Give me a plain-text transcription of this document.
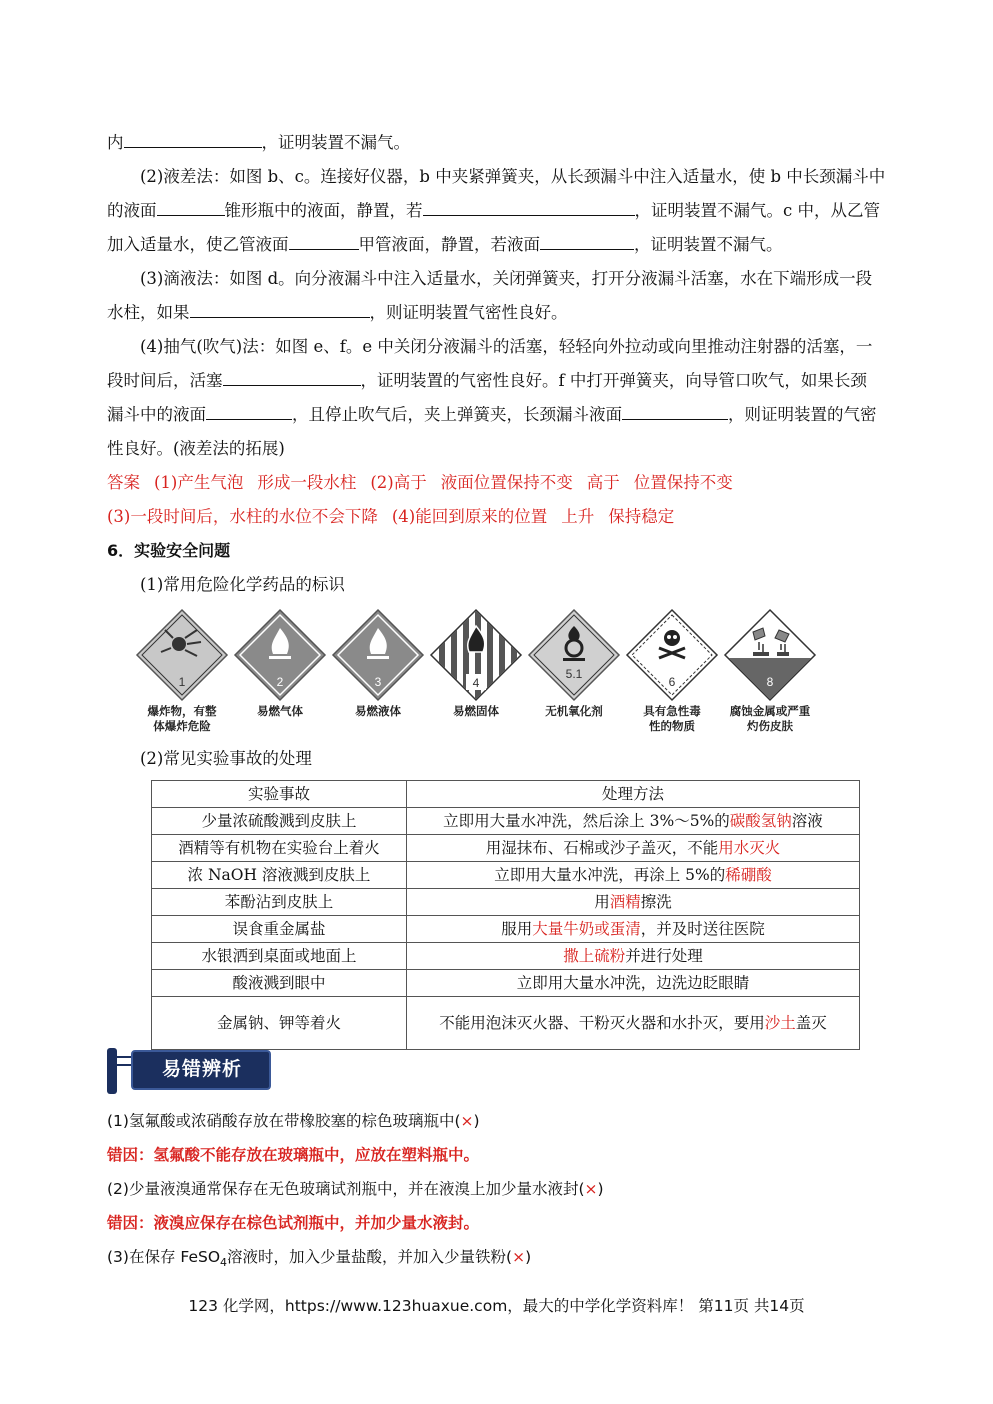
内	，证明装置不漏气。
(2)液差法：如图 b、c。连接好仪器，b 中夹紧弹簧夹，从长颈漏斗中注入适量水，使 b 中长颈漏斗中
的液面	锥形瓶中的液面，静置，若	，证明装置不漏气。c 中，从乙管
加入适量水，使乙管液面	甲管液面，静置，若液面	，证明装置不漏气。
(3)滴液法：如图 d。向分液漏斗中注入适量水，关闭弹簧夹，打开分液漏斗活塞，水在下端形成一段
水柱，如果	，则证明装置气密性良好。
(4)抽气(吹气)法：如图 e、f。e 中关闭分液漏斗的活塞，轻轻向外拉动或向里推动注射器的活塞，一
段时间后，活塞	，证明装置的气密性良好。f 中打开弹簧夹，向导管口吹气，如果长颈
漏斗中的液面	，且停止吹气后，夹上弹簧夹，长颈漏斗液面	，则证明装置的气密
性良好。(液差法的拓展)
答案 (1)产生气泡 形成一段水柱 (2)高于 液面位置保持不变 高于 位置保持不变
(3)一段时间后，水柱的水位不会下降 (4)能回到原来的位置 上升 保持稳定
6．实验安全问题
(1)常用危险化学药品的标识
1
爆炸物，有整
体爆炸危险
2
易燃气体
3
易燃液体
4
易燃固体
5.1
无机氧化剂
6
具有急性毒
性的物质
8
腐蚀金属或严重
灼伤皮肤
(2)常见实验事故的处理
实验事故	处理方法
少量浓硫酸溅到皮肤上	立即用大量水冲洗，然后涂上 3%～5%的碳酸氢钠溶液
酒精等有机物在实验台上着火	用湿抹布、石棉或沙子盖灭，不能用水灭火
浓 NaOH 溶液溅到皮肤上	立即用大量水冲洗，再涂上 5%的稀硼酸
苯酚沾到皮肤上	用酒精擦洗
误食重金属盐	服用大量牛奶或蛋清，并及时送往医院
水银洒到桌面或地面上	撒上硫粉并进行处理
酸液溅到眼中	立即用大量水冲洗，边洗边眨眼睛
金属钠、钾等着火	不能用泡沫灭火器、干粉灭火器和水扑灭，要用沙土盖灭
易错辨析
(1)氢氟酸或浓硝酸存放在带橡胶塞的棕色玻璃瓶中(×)
错因：氢氟酸不能存放在玻璃瓶中，应放在塑料瓶中。
(2)少量液溴通常保存在无色玻璃试剂瓶中，并在液溴上加少量水液封(×)
错因：液溴应保存在棕色试剂瓶中，并加少量水液封。
(3)在保存 FeSO$_4$溶液时，加入少量盐酸，并加入少量铁粉(×)
123 化学网，https://www.123huaxue.com，最大的中学化学资料库！ 第11页 共14页
